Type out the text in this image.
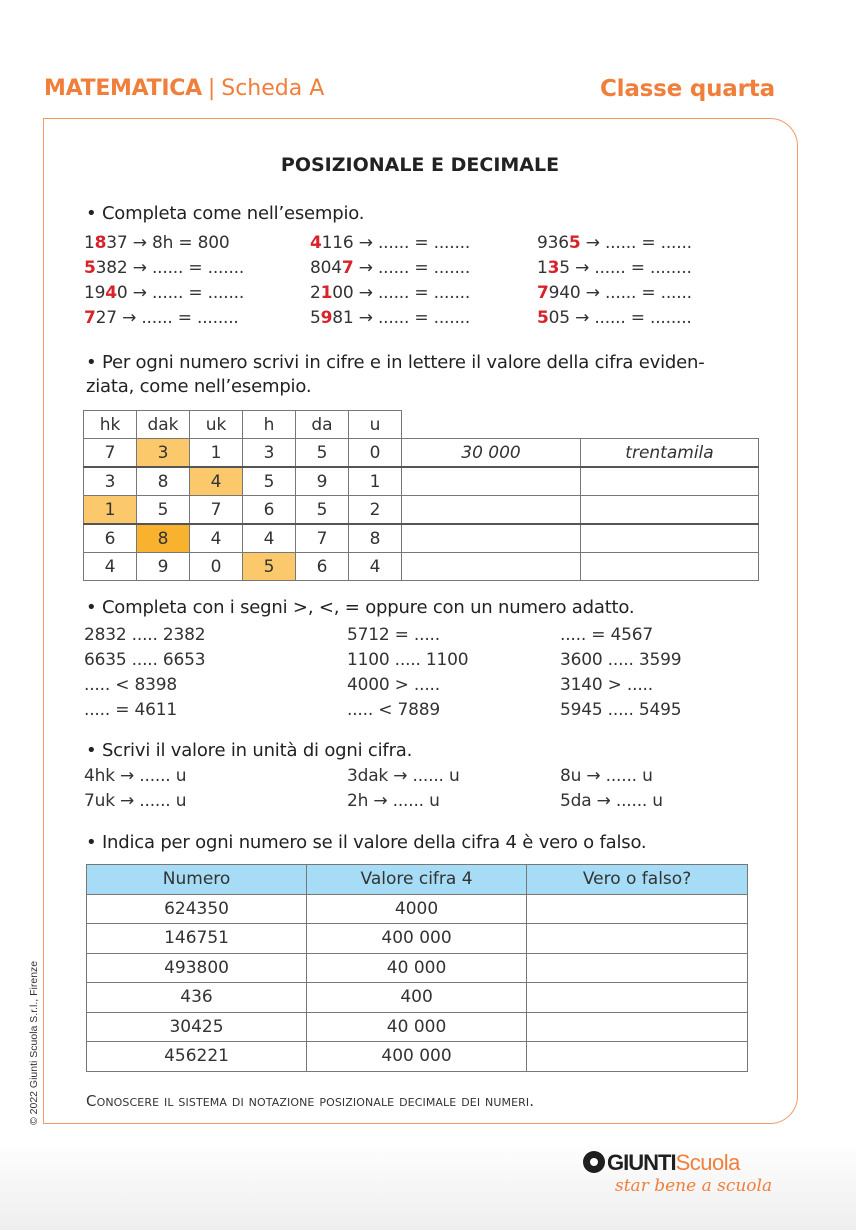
MATEMATICA | Scheda A	Classe quarta
POSIZIONALE E DECIMALE
• Completa come nell’esempio.
1837 → 8h = 800
5382 → ...... = .......
1940 → ...... = .......
727 → ...... = ........
4116 → ...... = .......
8047 → ...... = .......
2100 → ...... = .......
5981 → ...... = .......
9365 → ...... = ......
135 → ...... = ........
7940 → ...... = ......
505 → ...... = ........
• Per ogni numero scrivi in cifre e in lettere il valore della cifra eviden-
ziata, come nell’esempio.
hk	dak	uk	h	da	u		
7	3	1	3	5	0	30 000	trentamila
3	8	4	5	9	1		
1	5	7	6	5	2		
6	8	4	4	7	8		
4	9	0	5	6	4		
• Completa con i segni >, <, = oppure con un numero adatto.
2832 ..... 2382
6635 ..... 6653
..... < 8398
..... = 4611
5712 = .....
1100 ..... 1100
4000 > .....
..... < 7889
..... = 4567
3600 ..... 3599
3140 > .....
5945 ..... 5495
• Scrivi il valore in unità di ogni cifra.
4hk → ...... u
7uk → ...... u
3dak → ...... u
2h → ...... u
8u → ...... u
5da → ...... u
• Indica per ogni numero se il valore della cifra 4 è vero o falso.
Numero	Valore cifra 4	Vero o falso?
624350	4000	
146751	400 000	
493800	40 000	
436	400	
30425	40 000	
456221	400 000	
Conoscere il sistema di notazione posizionale decimale dei numeri.
© 2022 Giunti Scuola S.r.l., Firenze
GIUNTIScuola
star bene a scuola
